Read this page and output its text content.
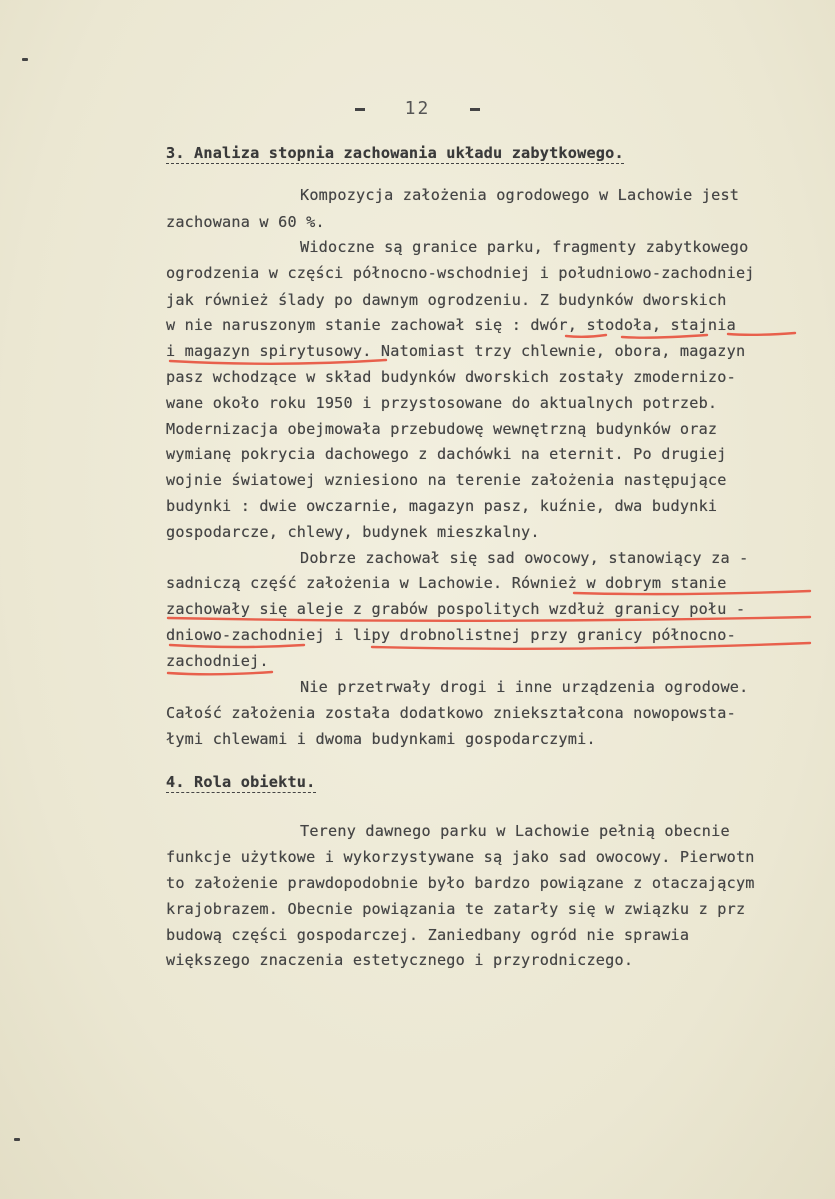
12
3. Analiza stopnia zachowania układu zabytkowego.
Kompozycja założenia ogrodowego w Lachowie jest
zachowana w 60 %.
Widoczne są granice parku, fragmenty zabytkowego
ogrodzenia w części północno-wschodniej i południowo-zachodniej
jak również ślady po dawnym ogrodzeniu. Z budynków dworskich
w nie naruszonym stanie zachował się : dwór, stodoła, stajnia
i magazyn spirytusowy. Natomiast trzy chlewnie, obora, magazyn
pasz wchodzące w skład budynków dworskich zostały zmodernizo-
wane około roku 1950 i przystosowane do aktualnych potrzeb.
Modernizacja obejmowała przebudowę wewnętrzną budynków oraz
wymianę pokrycia dachowego z dachówki na eternit. Po drugiej
wojnie światowej wzniesiono na terenie założenia następujące
budynki : dwie owczarnie, magazyn pasz, kuźnie, dwa budynki
gospodarcze, chlewy, budynek mieszkalny.
Dobrze zachował się sad owocowy, stanowiący za -
sadniczą część założenia w Lachowie. Również w dobrym stanie
zachowały się aleje z grabów pospolitych wzdłuż granicy połu -
dniowo-zachodniej i lipy drobnolistnej przy granicy północno-
zachodniej.
Nie przetrwały drogi i inne urządzenia ogrodowe.
Całość założenia została dodatkowo zniekształcona nowopowsta-
łymi chlewami i dwoma budynkami gospodarczymi.
4. Rola obiektu.
Tereny dawnego parku w Lachowie pełnią obecnie
funkcje użytkowe i wykorzystywane są jako sad owocowy. Pierwotn
to założenie prawdopodobnie było bardzo powiązane z otaczającym
krajobrazem. Obecnie powiązania te zatarły się w związku z prz
budową części gospodarczej. Zaniedbany ogród nie sprawia
większego znaczenia estetycznego i przyrodniczego.
